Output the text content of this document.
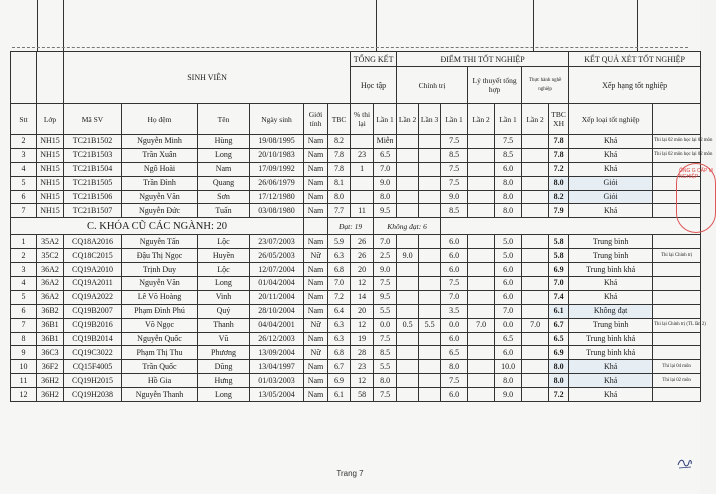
		SINH VIÊN						TỔNG KẾT		ĐIỂM THI TỐT NGHIỆP							KẾT QUẢ XÉT TỐT NGHIỆP	
								Học tập		Chính trị			Lý thuyết tổng hợp		Thực hành nghề nghiệp		Xếp hạng tốt nghiệp		
Stt	Lớp	Mã SV	Họ đệm	Tên	Ngày sinh	Giới tính	TBC	% thi lại	Lần 1	Lần 2	Lần 3	Lần 1	Lần 2	Lần 1	Lần 2	TBC XH	Xếp loại tốt nghiệp		
2	NH15	TC21B1502	Nguyễn Minh	Hùng	19/08/1995	Nam	8.2		Miễn			7.5		7.5		7.8	Khá	Thi lại 02 môn học lại 02 môn	
3	NH15	TC21B1503	Trần Xuân	Long	20/10/1983	Nam	7.8	23	6.5			8.5		8.5		7.8	Khá	Thi lại 02 môn học lại 02 môn	
4	NH15	TC21B1504	Ngô Hoài	Nam	17/09/1992	Nam	7.8	1	7.0			7.5		6.0		7.2	Khá		
5	NH15	TC21B1505	Trần Đình	Quang	26/06/1979	Nam	8.1		9.0			7.5		8.0		8.0	Giỏi		
6	NH15	TC21B1506	Nguyễn Văn	Sơn	17/12/1980	Nam	8.0		8.0			9.0		8.0		8.2	Giỏi		
7	NH15	TC21B1507	Nguyễn Đức	Tuấn	03/08/1980	Nam	7.7	11	9.5			8.5		8.0		7.9	Khá		
C. KHÓA CŨ CÁC NGÀNH: 20							Đạt: 19		Không đạt: 6										
1	35A2	CQ18A2016	Nguyễn Tấn	Lộc	23/07/2003	Nam	5.9	26	7.0			6.0		5.0		5.8	Trung bình		
2	35C2	CQ18C2015	Đậu Thị Ngọc	Huyền	26/05/2003	Nữ	6.3	26	2.5	9.0		6.0		5.0		5.8	Trung bình	Thi lại Chính trị	
3	36A2	CQ19A2010	Trịnh Duy	Lộc	12/07/2004	Nam	6.8	20	9.0			6.0		6.0		6.9	Trung bình khá		
4	36A2	CQ19A2011	Nguyễn Văn	Long	01/04/2004	Nam	7.0	12	7.5			7.5		6.0		7.0	Khá		
5	36A2	CQ19A2022	Lê Võ Hoàng	Vinh	20/11/2004	Nam	7.2	14	9.5			7.0		6.0		7.4	Khá		
6	36B2	CQ19B2007	Phạm Đình Phú	Quý	28/10/2004	Nam	6.4	20	5.5			3.5		7.0		6.1	Không đạt		
7	36B1	CQ19B2016	Võ Ngọc	Thanh	04/04/2001	Nữ	6.3	12	0.0	0.5	5.5	0.0	7.0	0.0	7.0	6.7	Trung bình	Thi lại Chính trị (TL lần 2)	
8	36B1	CQ19B2014	Nguyễn Quốc	Vũ	26/12/2003	Nam	6.3	19	7.5			6.0		6.5		6.5	Trung bình khá		
9	36C3	CQ19C3022	Phạm Thị Thu	Phương	13/09/2004	Nữ	6.8	28	8.5			6.5		6.0		6.9	Trung bình khá		
10	36F2	CQ15F4005	Trần Quốc	Dũng	13/04/1997	Nam	6.7	23	5.5			8.0		10.0		8.0	Khá	Thi lại 04 môn	
11	36H2	CQ19H2015	Hồ Gia	Hưng	01/03/2003	Nam	6.9	12	8.0			7.5		8.0		8.0	Khá	Thi lại 02 môn	
12	36H2	CQ19H2038	Nguyễn Thanh	Long	13/05/2004	Nam	6.1	58	7.5			6.0		9.0		7.2	Khá		
ÔNG G CẤP M NGHIỆP
Trang 7
